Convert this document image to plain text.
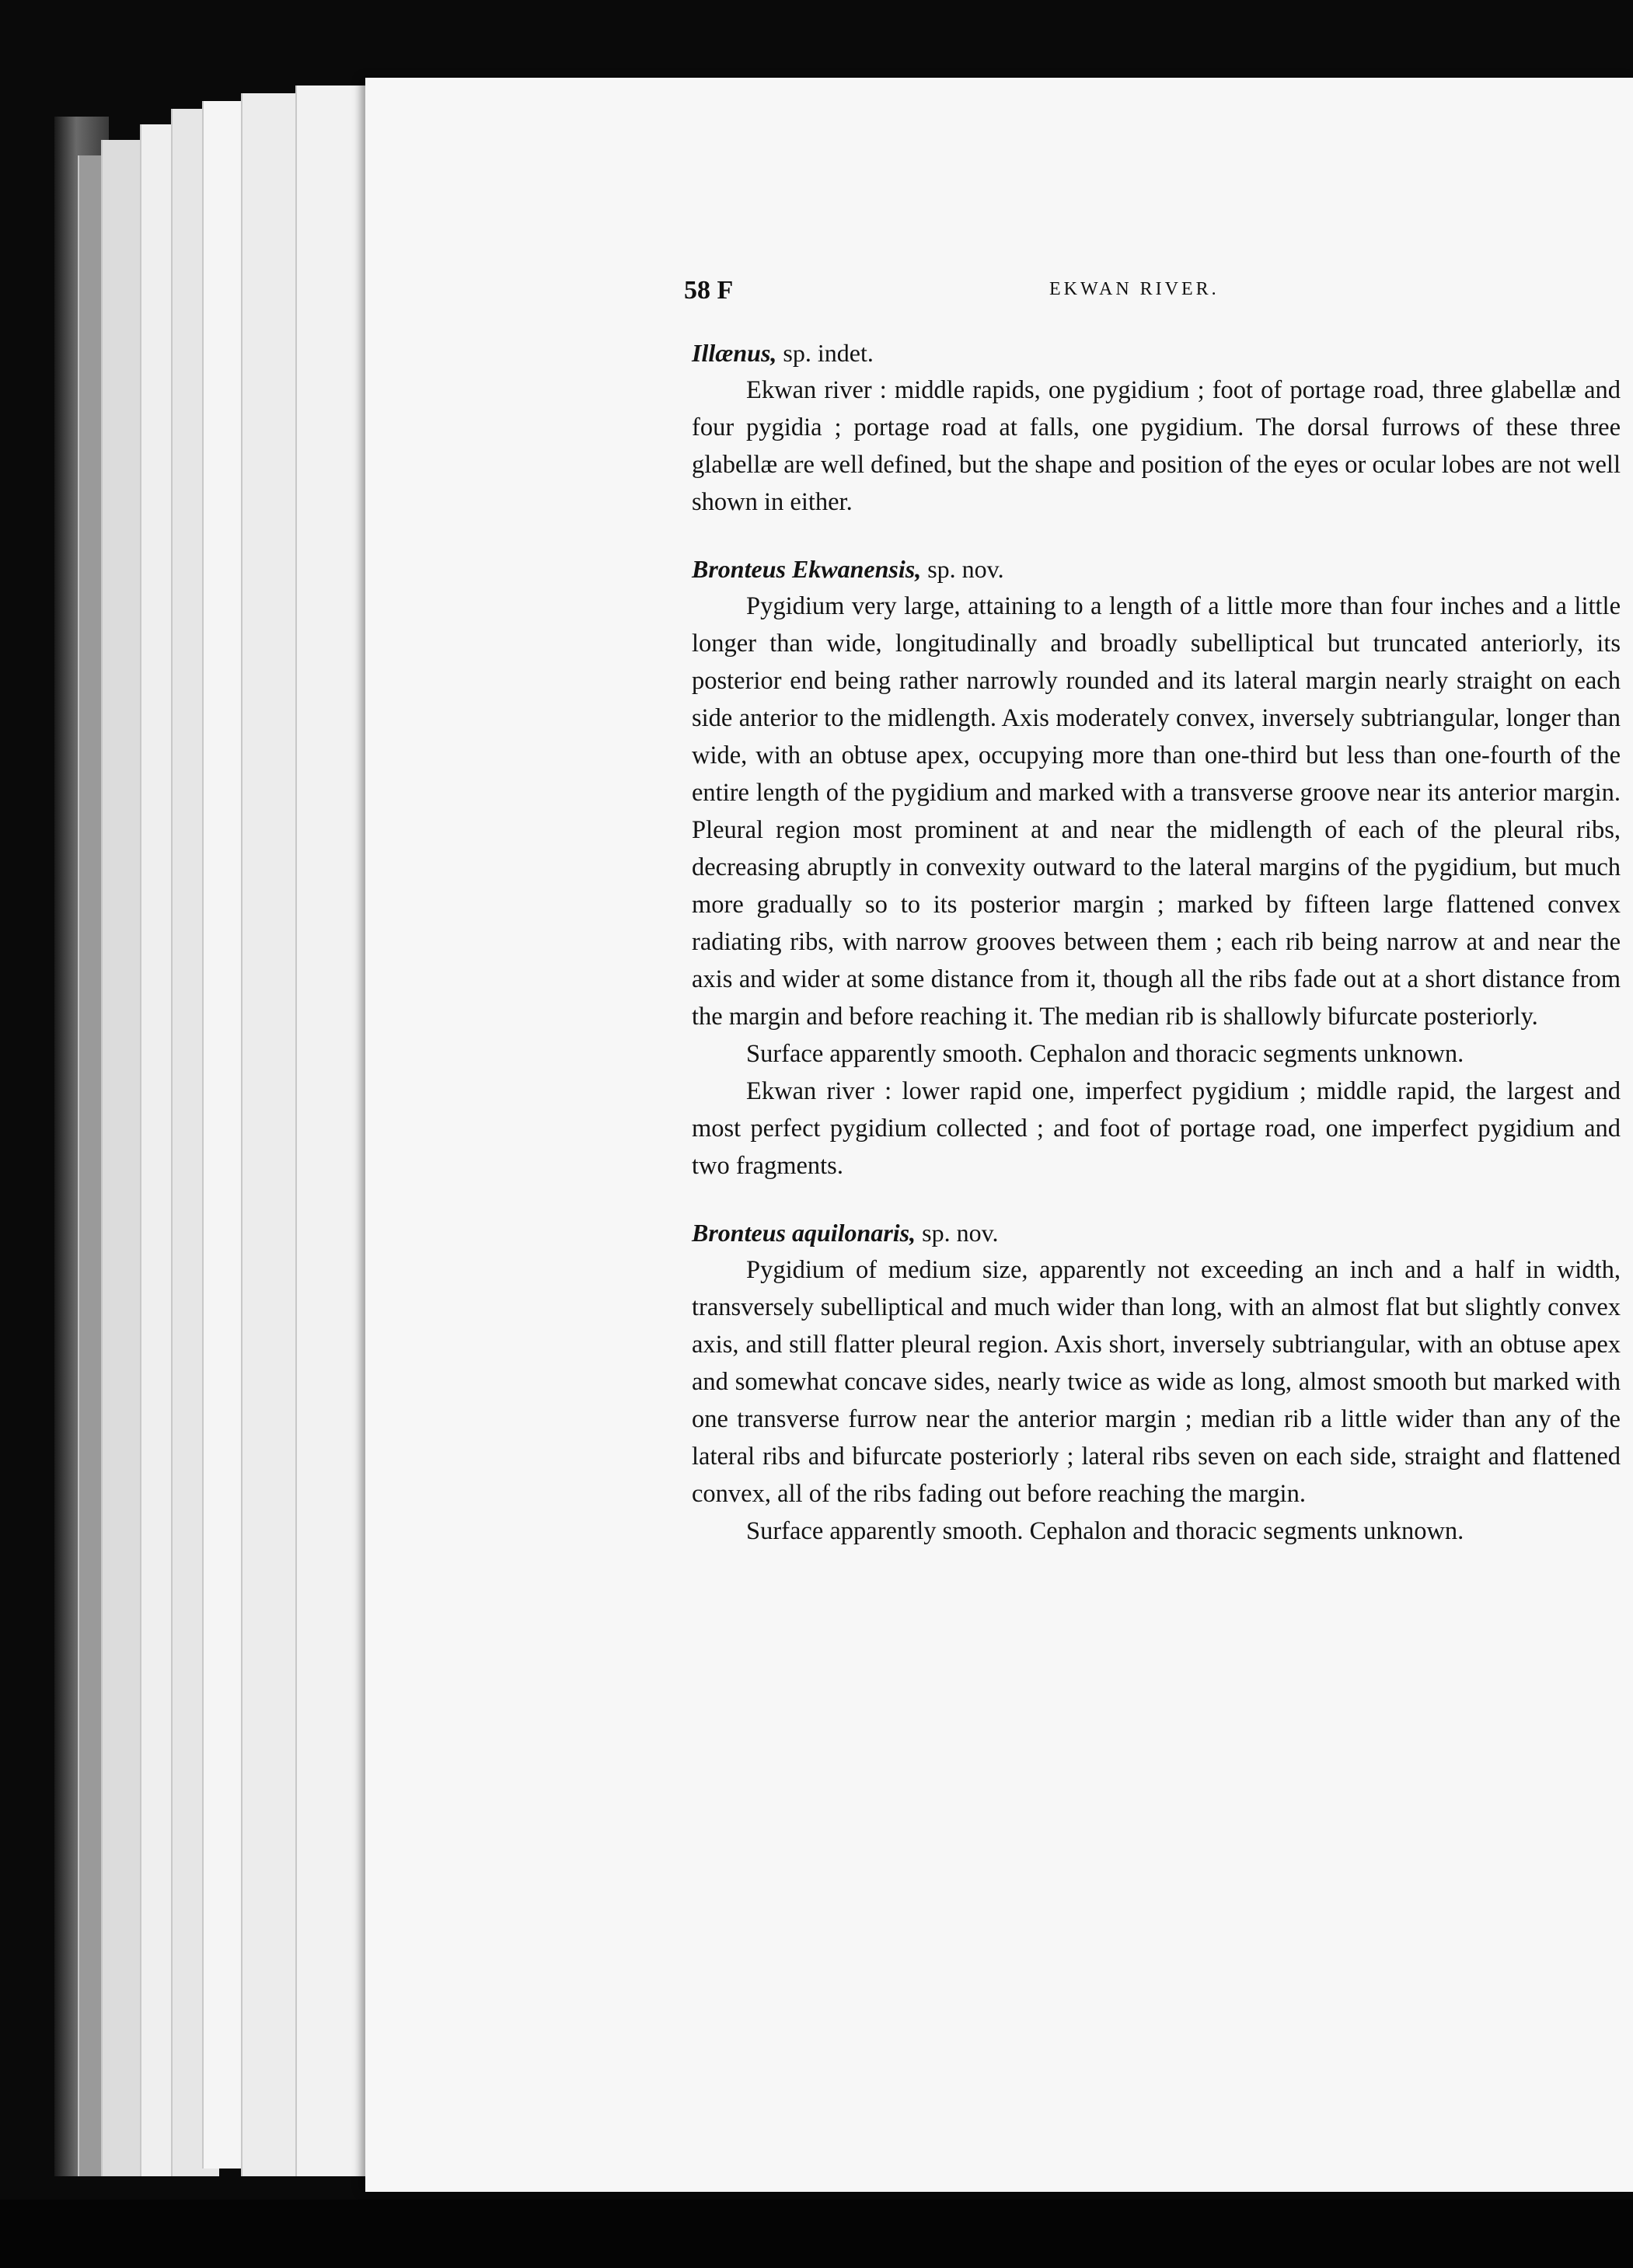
58 F	EKWAN RIVER.

Illænus, sp. indet.

Ekwan river : middle rapids, one pygidium ; foot of portage road, three glabellæ and four pygidia ; portage road at falls, one pygidium. The dorsal furrows of these three glabellæ are well defined, but the shape and position of the eyes or ocular lobes are not well shown in either.

Bronteus Ekwanensis, sp. nov.

Pygidium very large, attaining to a length of a little more than four inches and a little longer than wide, longitudinally and broadly subelliptical but truncated anteriorly, its posterior end being rather narrowly rounded and its lateral margin nearly straight on each side anterior to the midlength. Axis moderately convex, inversely subtriangular, longer than wide, with an obtuse apex, occupying more than one-third but less than one-fourth of the entire length of the pygidium and marked with a transverse groove near its anterior margin. Pleural region most prominent at and near the midlength of each of the pleural ribs, decreasing abruptly in convexity outward to the lateral margins of the pygidium, but much more gradually so to its posterior margin ; marked by fifteen large flattened convex radiating ribs, with narrow grooves between them ; each rib being narrow at and near the axis and wider at some distance from it, though all the ribs fade out at a short distance from the margin and before reaching it. The median rib is shallowly bifurcate posteriorly.

Surface apparently smooth. Cephalon and thoracic segments unknown.

Ekwan river : lower rapid one, imperfect pygidium ; middle rapid, the largest and most perfect pygidium collected ; and foot of portage road, one imperfect pygidium and two fragments.

Bronteus aquilonaris, sp. nov.

Pygidium of medium size, apparently not exceeding an inch and a half in width, transversely subelliptical and much wider than long, with an almost flat but slightly convex axis, and still flatter pleural region. Axis short, inversely subtriangular, with an obtuse apex and somewhat concave sides, nearly twice as wide as long, almost smooth but marked with one transverse furrow near the anterior margin ; median rib a little wider than any of the lateral ribs and bifurcate posteriorly ; lateral ribs seven on each side, straight and flattened convex, all of the ribs fading out before reaching the margin.

Surface apparently smooth. Cephalon and thoracic segments unknown.
